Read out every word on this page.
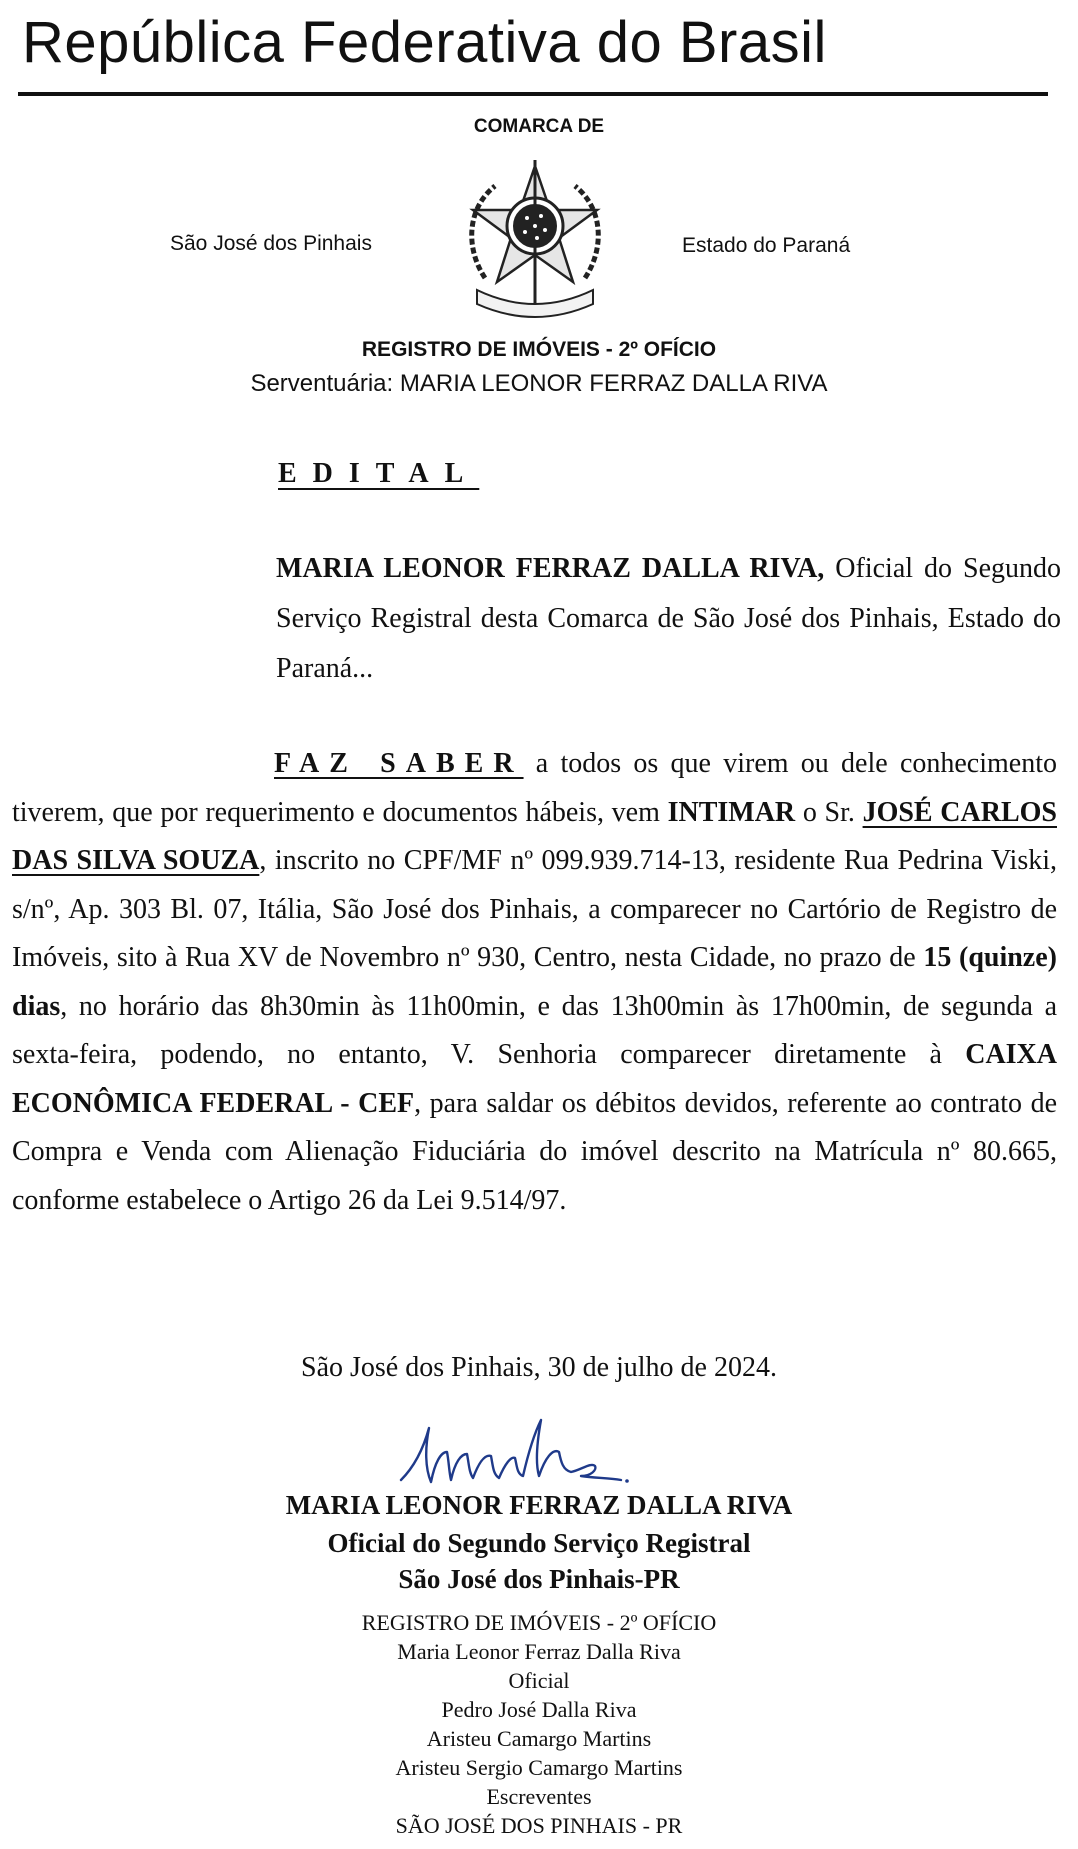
República Federativa do Brasil
COMARCA DE
São José dos Pinhais	Estado do Paraná
REGISTRO DE IMÓVEIS - 2º OFÍCIO
Serventuária: MARIA LEONOR FERRAZ DALLA RIVA
EDITAL
MARIA LEONOR FERRAZ DALLA RIVA, Oficial do Segundo Serviço Registral desta Comarca de São José dos Pinhais, Estado do Paraná...
FAZ SABER a todos os que virem ou dele conhecimento tiverem, que por requerimento e documentos hábeis, vem INTIMAR o Sr. JOSÉ CARLOS DAS SILVA SOUZA, inscrito no CPF/MF nº 099.939.714-13, residente Rua Pedrina Viski, s/nº, Ap. 303 Bl. 07, Itália, São José dos Pinhais, a comparecer no Cartório de Registro de Imóveis, sito à Rua XV de Novembro nº 930, Centro, nesta Cidade, no prazo de 15 (quinze) dias, no horário das 8h30min às 11h00min, e das 13h00min às 17h00min, de segunda a sexta-feira, podendo, no entanto, V. Senhoria comparecer diretamente à CAIXA ECONÔMICA FEDERAL - CEF, para saldar os débitos devidos, referente ao contrato de Compra e Venda com Alienação Fiduciária do imóvel descrito na Matrícula nº 80.665, conforme estabelece o Artigo 26 da Lei 9.514/97.
São José dos Pinhais, 30 de julho de 2024.
MARIA LEONOR FERRAZ DALLA RIVA
Oficial do Segundo Serviço Registral
São José dos Pinhais-PR
REGISTRO DE IMÓVEIS - 2º OFÍCIO
Maria Leonor Ferraz Dalla Riva
Oficial
Pedro José Dalla Riva
Aristeu Camargo Martins
Aristeu Sergio Camargo Martins
Escreventes
SÃO JOSÉ DOS PINHAIS - PR
